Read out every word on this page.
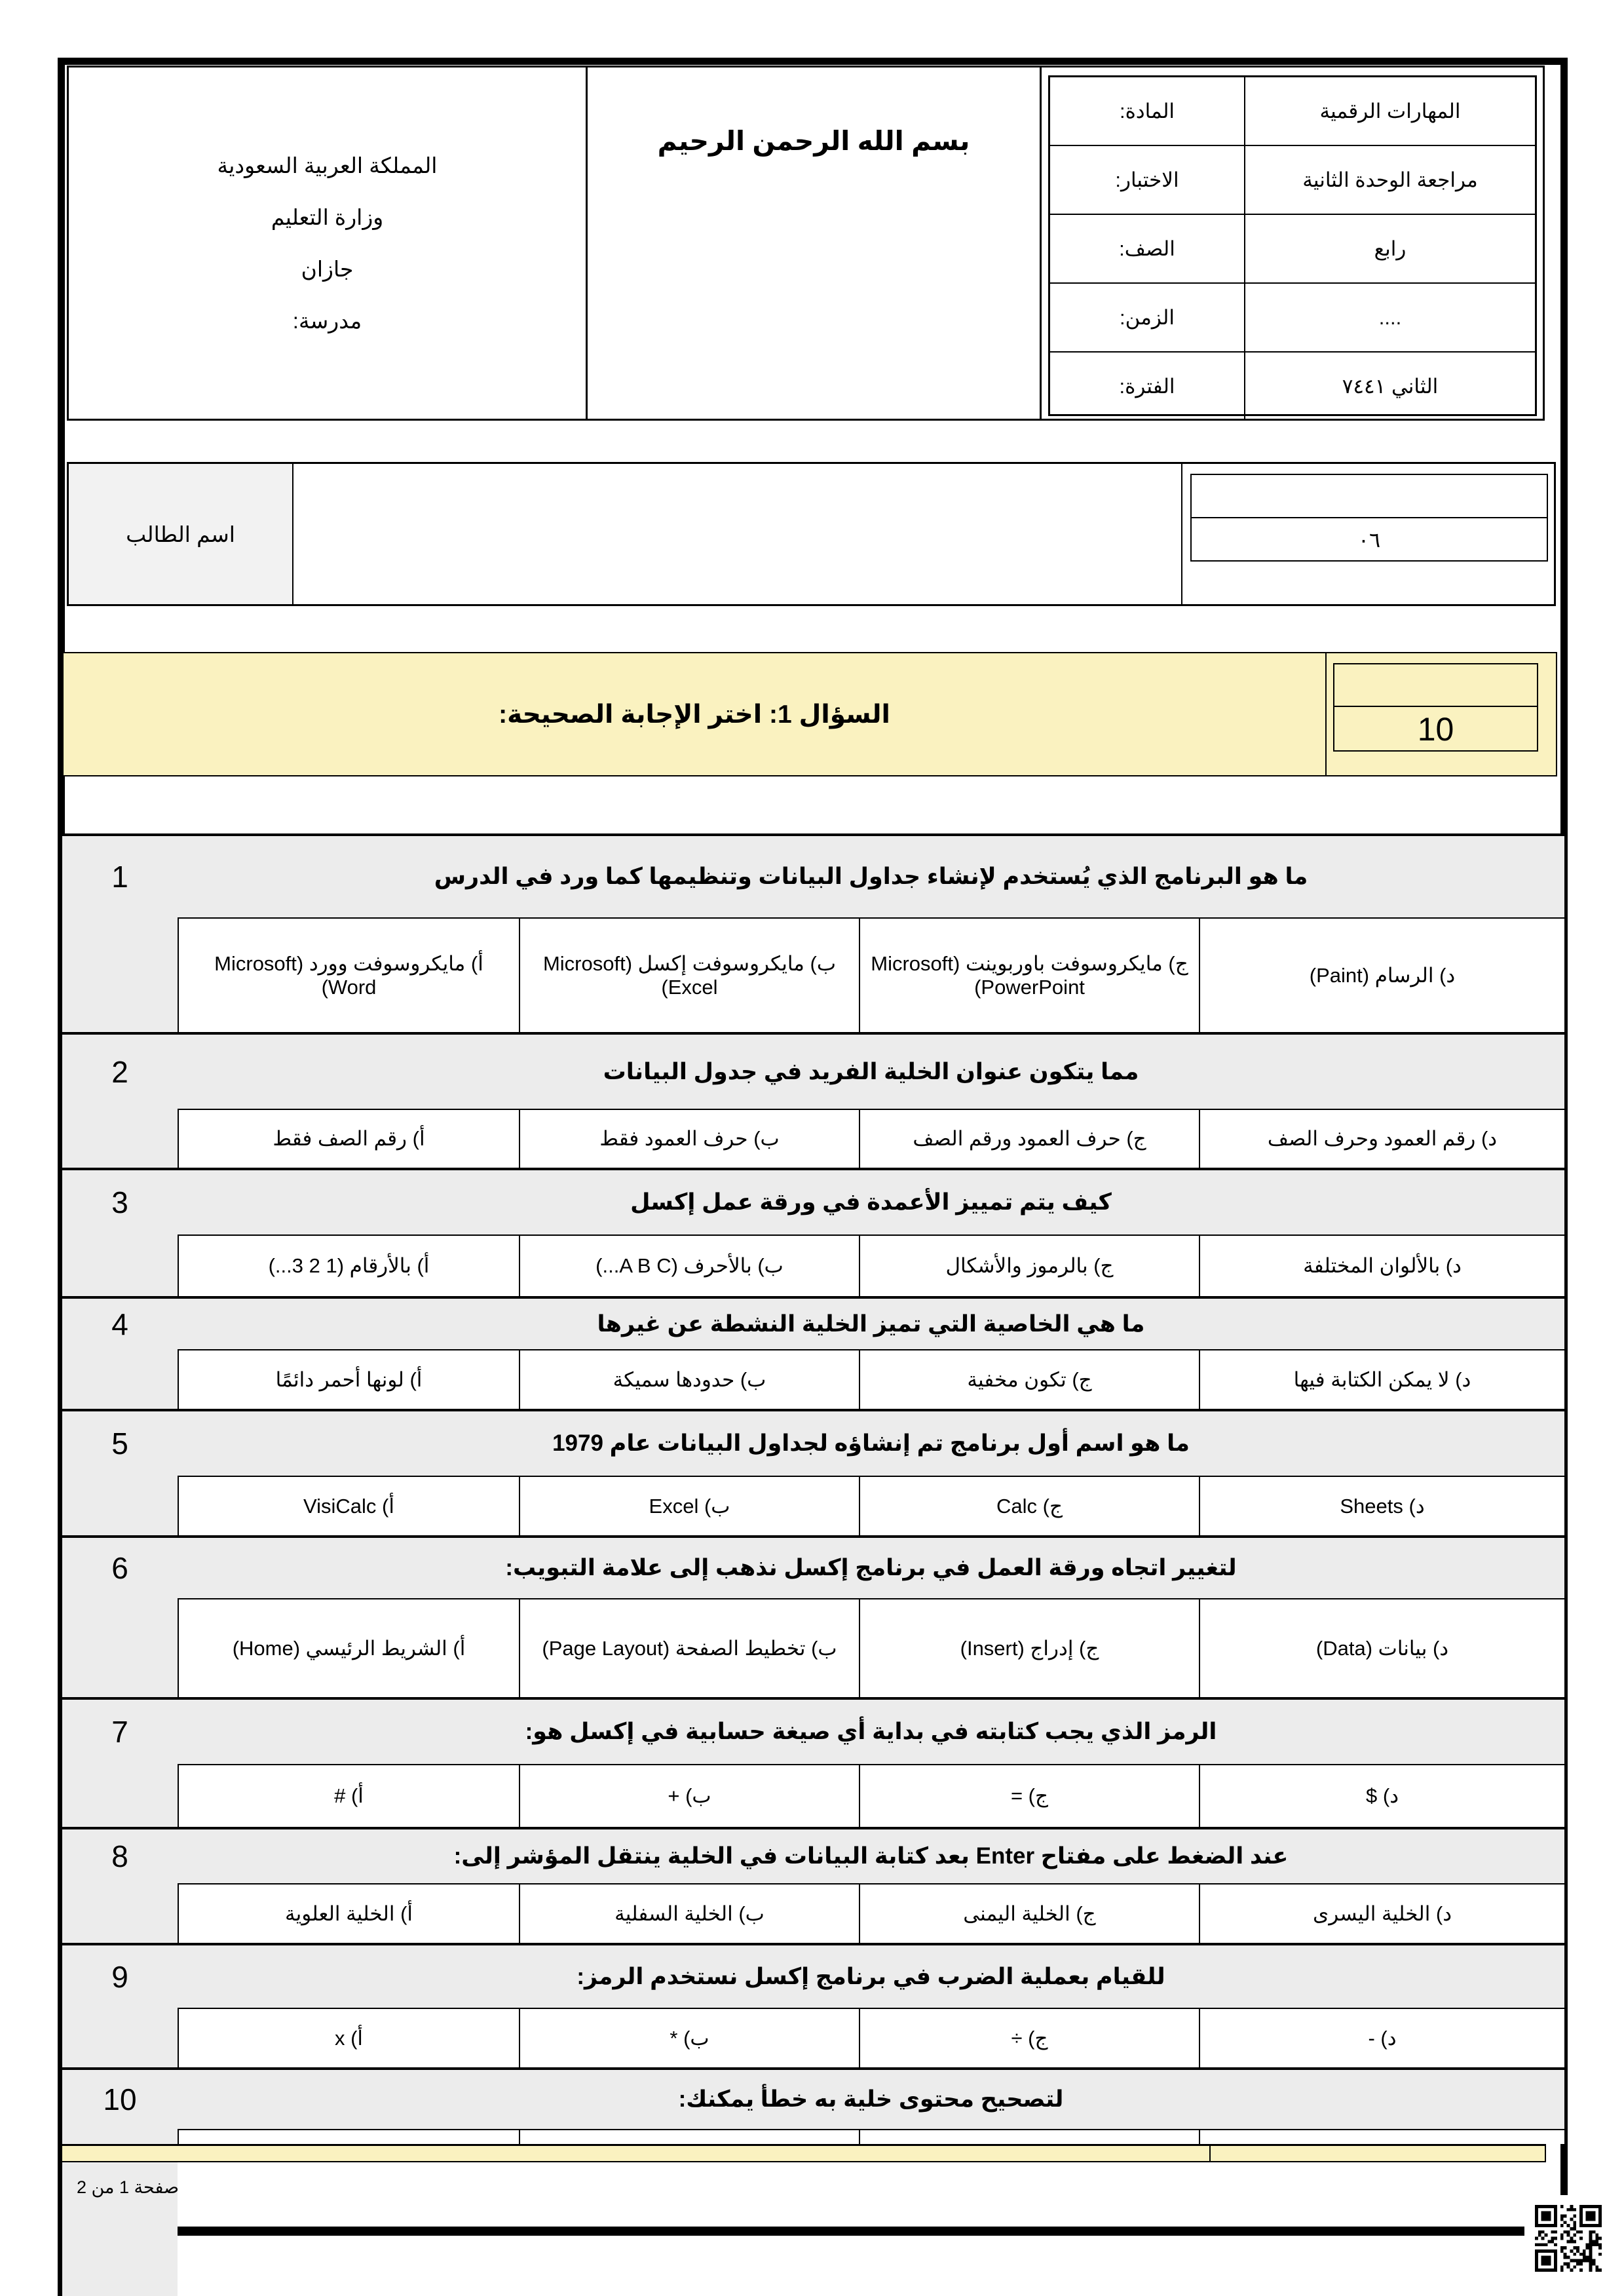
المملكة العربية السعودية
وزارة التعليم
جازان
مدرسة:
بسم الله الرحمن الرحيم
المادة:	المهارات الرقمية
الاختبار:	مراجعة الوحدة الثانية
الصف:	رابع
الزمن:	....
الفترة:	الثاني ٧٤٤١
اسم الطالب	٠٦
السؤال 1: اختر الإجابة الصحيحة:	10
1	ما هو البرنامج الذي يُستخدم لإنشاء جداول البيانات وتنظيمها كما ورد في الدرس
أ) مايكروسوفت وورد (Microsoft Word)
ب) مايكروسوفت إكسل (Microsoft Excel)
ج) مايكروسوفت باوربوينت (Microsoft PowerPoint)
د) الرسام (Paint)
2	مما يتكون عنوان الخلية الفريد في جدول البيانات
أ) رقم الصف فقط	ب) حرف العمود فقط	ج) حرف العمود ورقم الصف	د) رقم العمود وحرف الصف
3	كيف يتم تمييز الأعمدة في ورقة عمل إكسل
أ) بالأرقام (1 2 3...)	ب) بالأحرف (A B C...)	ج) بالرموز والأشكال	د) بالألوان المختلفة
4	ما هي الخاصية التي تميز الخلية النشطة عن غيرها
أ) لونها أحمر دائمًا	ب) حدودها سميكة	ج) تكون مخفية	د) لا يمكن الكتابة فيها
5	ما هو اسم أول برنامج تم إنشاؤه لجداول البيانات عام 1979
أ) VisiCalc	ب) Excel	ج) Calc	د) Sheets
6	لتغيير اتجاه ورقة العمل في برنامج إكسل نذهب إلى علامة التبويب:
أ) الشريط الرئيسي (Home)	ب) تخطيط الصفحة (Page Layout)	ج) إدراج (Insert)	د) بيانات (Data)
7	الرمز الذي يجب كتابته في بداية أي صيغة حسابية في إكسل هو:
أ) #	ب) +	ج) =	د) $
8	عند الضغط على مفتاح Enter بعد كتابة البيانات في الخلية ينتقل المؤشر إلى:
أ) الخلية العلوية	ب) الخلية السفلية	ج) الخلية اليمنى	د) الخلية اليسرى
9	للقيام بعملية الضرب في برنامج إكسل نستخدم الرمز:
أ) x	ب) *	ج) ÷	د) -
10	لتصحيح محتوى خلية به خطأ يمكنك:
صفحة 1 من 2
